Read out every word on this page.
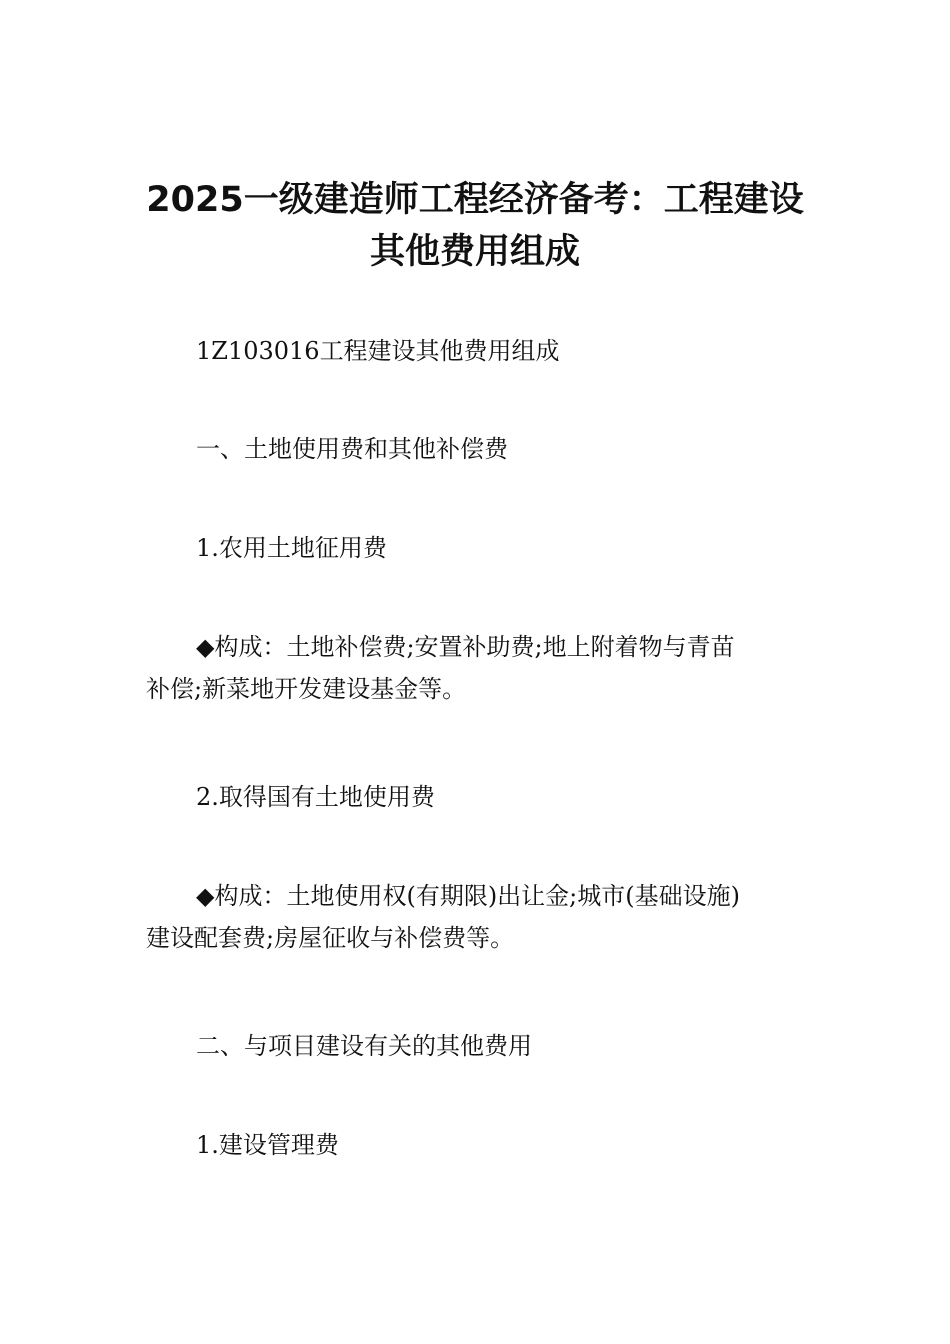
2025一级建造师工程经济备考：工程建设
其他费用组成
1Z103016工程建设其他费用组成
一、土地使用费和其他补偿费
1.农用土地征用费
◆构成：土地补偿费;安置补助费;地上附着物与青苗
补偿;新菜地开发建设基金等。
2.取得国有土地使用费
◆构成：土地使用权(有期限)出让金;城市(基础设施)
建设配套费;房屋征收与补偿费等。
二、与项目建设有关的其他费用
1.建设管理费
